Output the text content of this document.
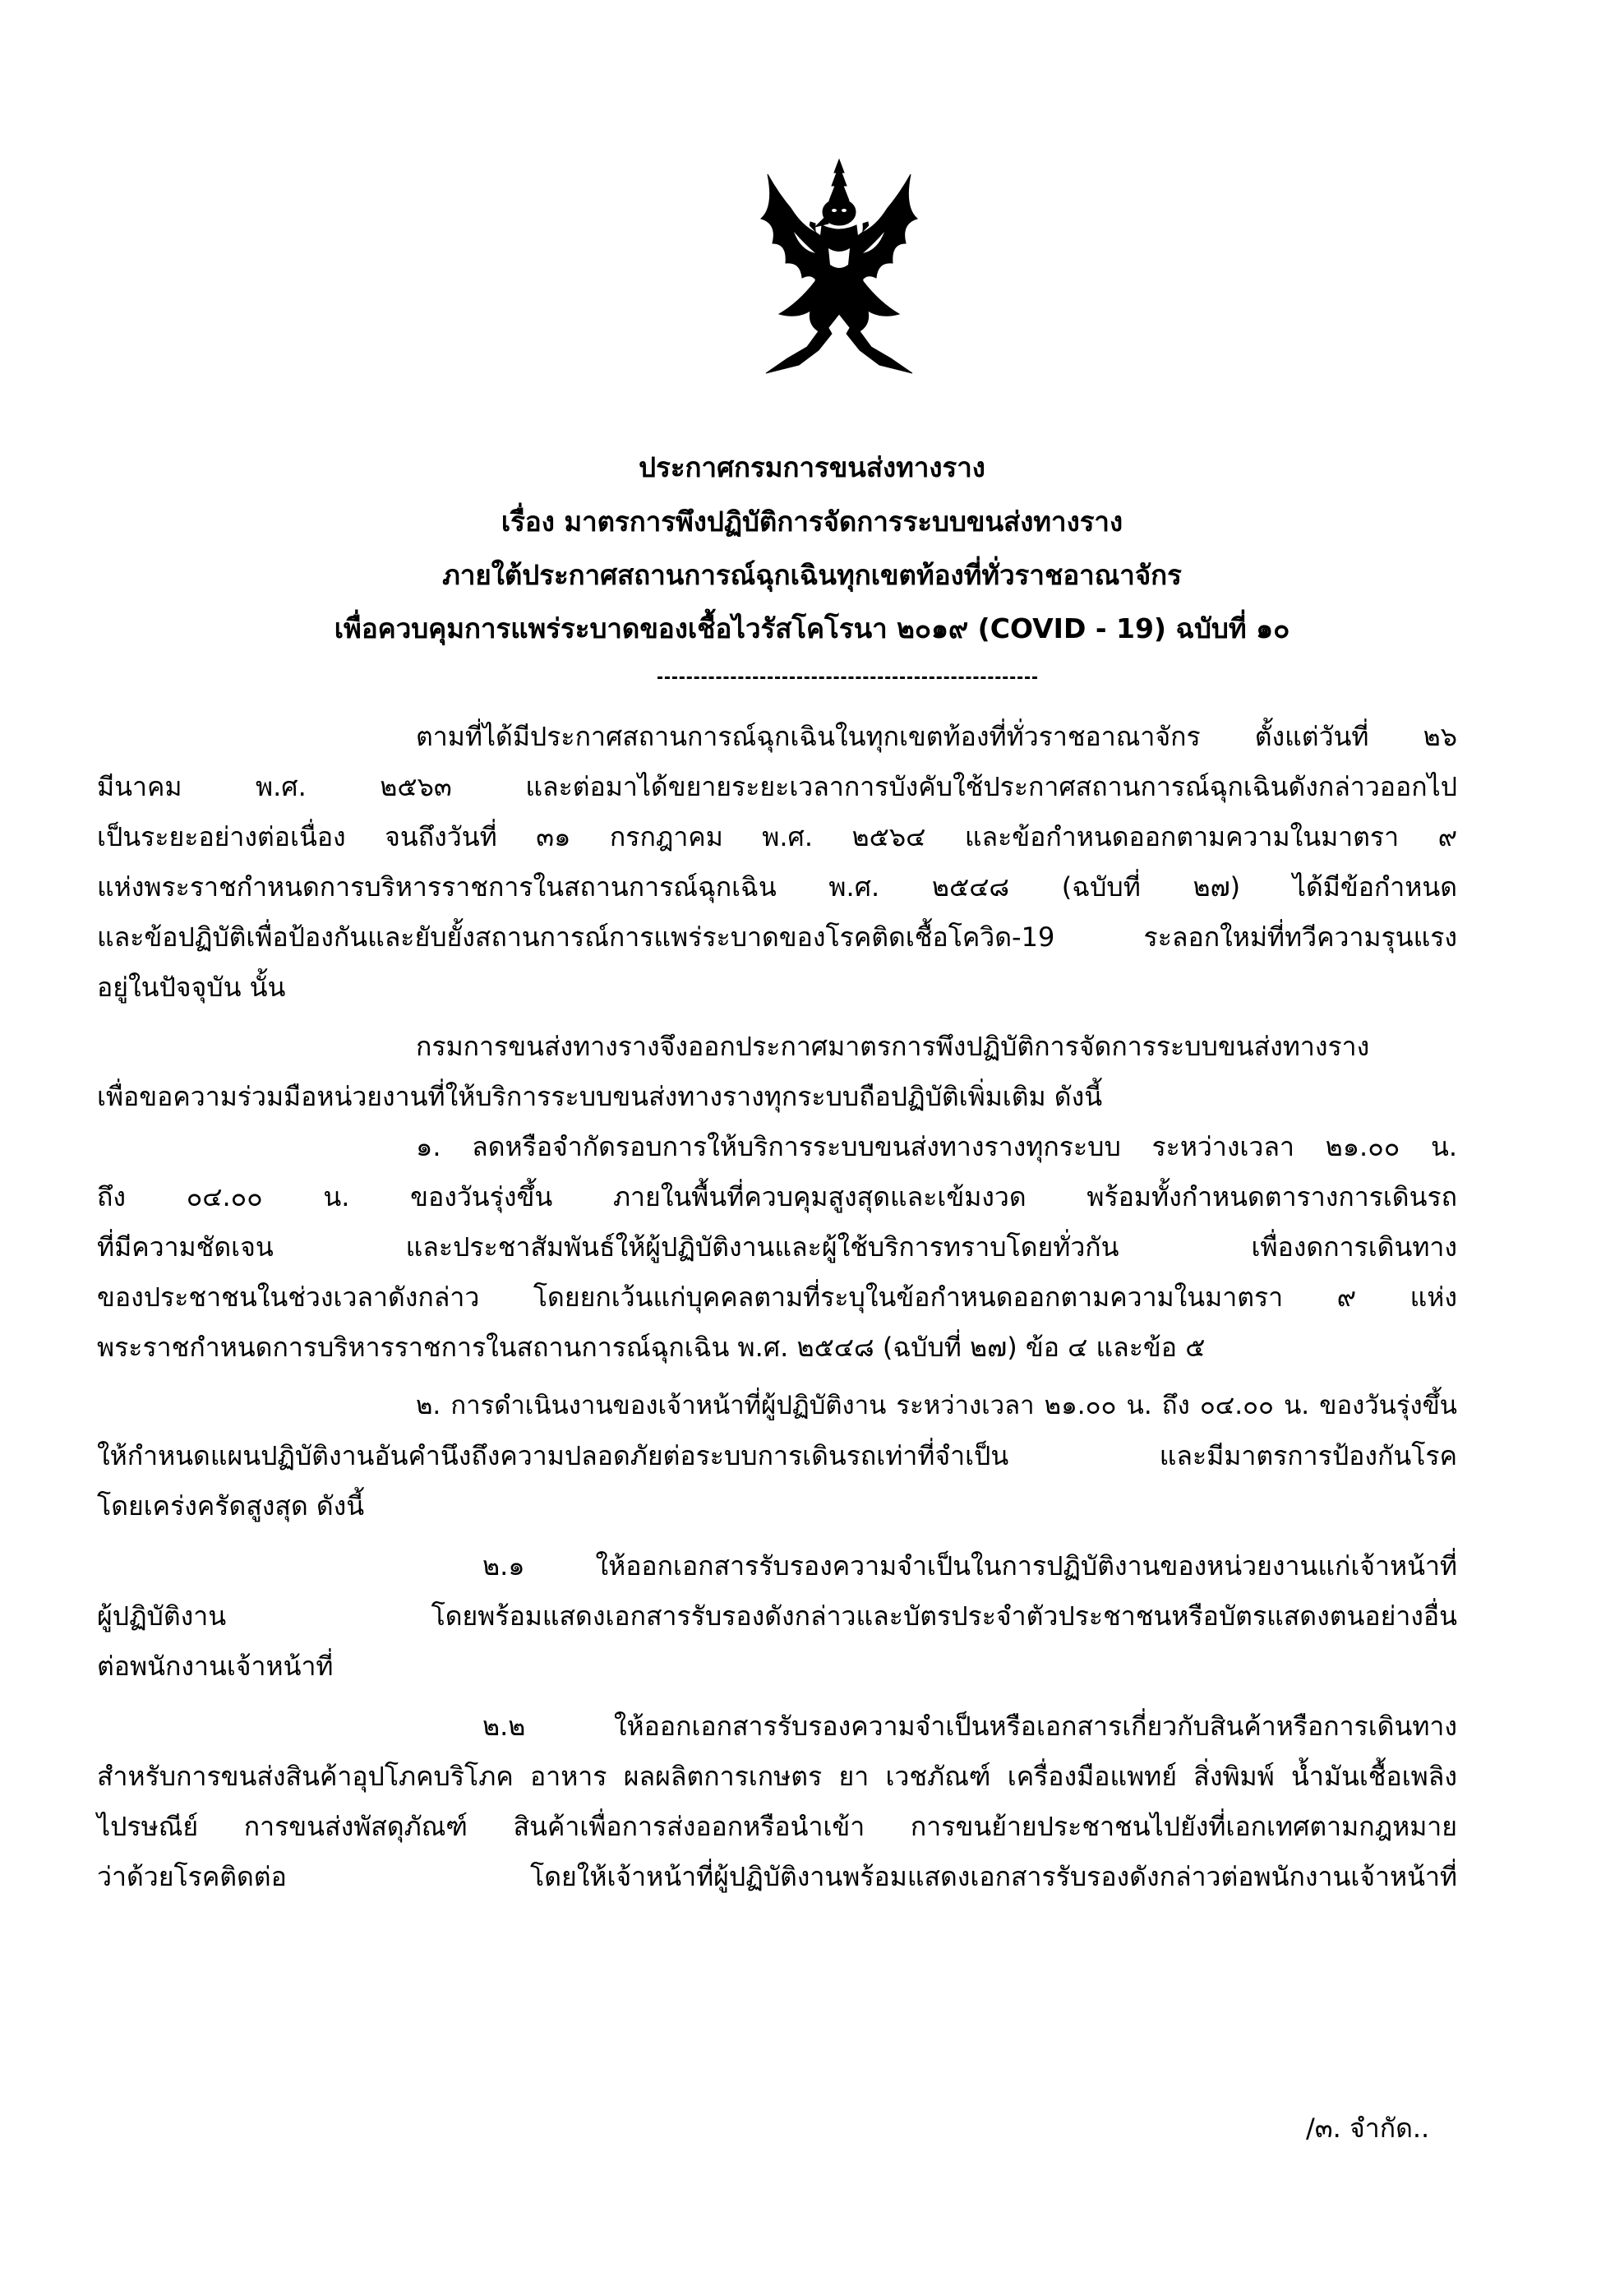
ประกาศกรมการขนส่งทางราง
เรื่อง มาตรการพึงปฏิบัติการจัดการระบบขนส่งทางราง
ภายใต้ประกาศสถานการณ์ฉุกเฉินทุกเขตท้องที่ทั่วราชอาณาจักร
เพื่อควบคุมการแพร่ระบาดของเชื้อไวรัสโคโรนา ๒๐๑๙ (COVID - 19) ฉบับที่ ๑๐
ตามที่ได้มีประกาศสถานการณ์ฉุกเฉินในทุกเขตท้องที่ทั่วราชอาณาจักร ตั้งแต่วันที่ ๒๖
มีนาคม พ.ศ. ๒๕๖๓ และต่อมาได้ขยายระยะเวลาการบังคับใช้ประกาศสถานการณ์ฉุกเฉินดังกล่าวออกไป
เป็นระยะอย่างต่อเนื่อง จนถึงวันที่ ๓๑ กรกฎาคม พ.ศ. ๒๕๖๔ และข้อกำหนดออกตามความในมาตรา ๙
แห่งพระราชกำหนดการบริหารราชการในสถานการณ์ฉุกเฉิน พ.ศ. ๒๕๔๘ (ฉบับที่ ๒๗) ได้มีข้อกำหนด
และข้อปฏิบัติเพื่อป้องกันและยับยั้งสถานการณ์การแพร่ระบาดของโรคติดเชื้อโควิด-19 ระลอกใหม่ที่ทวีความรุนแรง
อยู่ในปัจจุบัน นั้น
กรมการขนส่งทางรางจึงออกประกาศมาตรการพึงปฏิบัติการจัดการระบบขนส่งทางราง
เพื่อขอความร่วมมือหน่วยงานที่ให้บริการระบบขนส่งทางรางทุกระบบถือปฏิบัติเพิ่มเติม ดังนี้
๑. ลดหรือจำกัดรอบการให้บริการระบบขนส่งทางรางทุกระบบ ระหว่างเวลา ๒๑.๐๐ น.
ถึง ๐๔.๐๐ น. ของวันรุ่งขึ้น ภายในพื้นที่ควบคุมสูงสุดและเข้มงวด พร้อมทั้งกำหนดตารางการเดินรถ
ที่มีความชัดเจน และประชาสัมพันธ์ให้ผู้ปฏิบัติงานและผู้ใช้บริการทราบโดยทั่วกัน เพื่องดการเดินทาง
ของประชาชนในช่วงเวลาดังกล่าว โดยยกเว้นแก่บุคคลตามที่ระบุในข้อกำหนดออกตามความในมาตรา ๙ แห่ง
พระราชกำหนดการบริหารราชการในสถานการณ์ฉุกเฉิน พ.ศ. ๒๕๔๘ (ฉบับที่ ๒๗) ข้อ ๔ และข้อ ๕
๒. การดำเนินงานของเจ้าหน้าที่ผู้ปฏิบัติงาน ระหว่างเวลา ๒๑.๐๐ น. ถึง ๐๔.๐๐ น. ของวันรุ่งขึ้น
ให้กำหนดแผนปฏิบัติงานอันคำนึงถึงความปลอดภัยต่อระบบการเดินรถเท่าที่จำเป็น และมีมาตรการป้องกันโรค
โดยเคร่งครัดสูงสุด ดังนี้
๒.๑ ให้ออกเอกสารรับรองความจำเป็นในการปฏิบัติงานของหน่วยงานแก่เจ้าหน้าที่
ผู้ปฏิบัติงาน โดยพร้อมแสดงเอกสารรับรองดังกล่าวและบัตรประจำตัวประชาชนหรือบัตรแสดงตนอย่างอื่น
ต่อพนักงานเจ้าหน้าที่
๒.๒ ให้ออกเอกสารรับรองความจำเป็นหรือเอกสารเกี่ยวกับสินค้าหรือการเดินทาง
สำหรับการขนส่งสินค้าอุปโภคบริโภค อาหาร ผลผลิตการเกษตร ยา เวชภัณฑ์ เครื่องมือแพทย์ สิ่งพิมพ์ น้ำมันเชื้อเพลิง
ไปรษณีย์ การขนส่งพัสดุภัณฑ์ สินค้าเพื่อการส่งออกหรือนำเข้า การขนย้ายประชาชนไปยังที่เอกเทศตามกฎหมาย
ว่าด้วยโรคติดต่อ โดยให้เจ้าหน้าที่ผู้ปฏิบัติงานพร้อมแสดงเอกสารรับรองดังกล่าวต่อพนักงานเจ้าหน้าที่
/๓. จำกัด..
